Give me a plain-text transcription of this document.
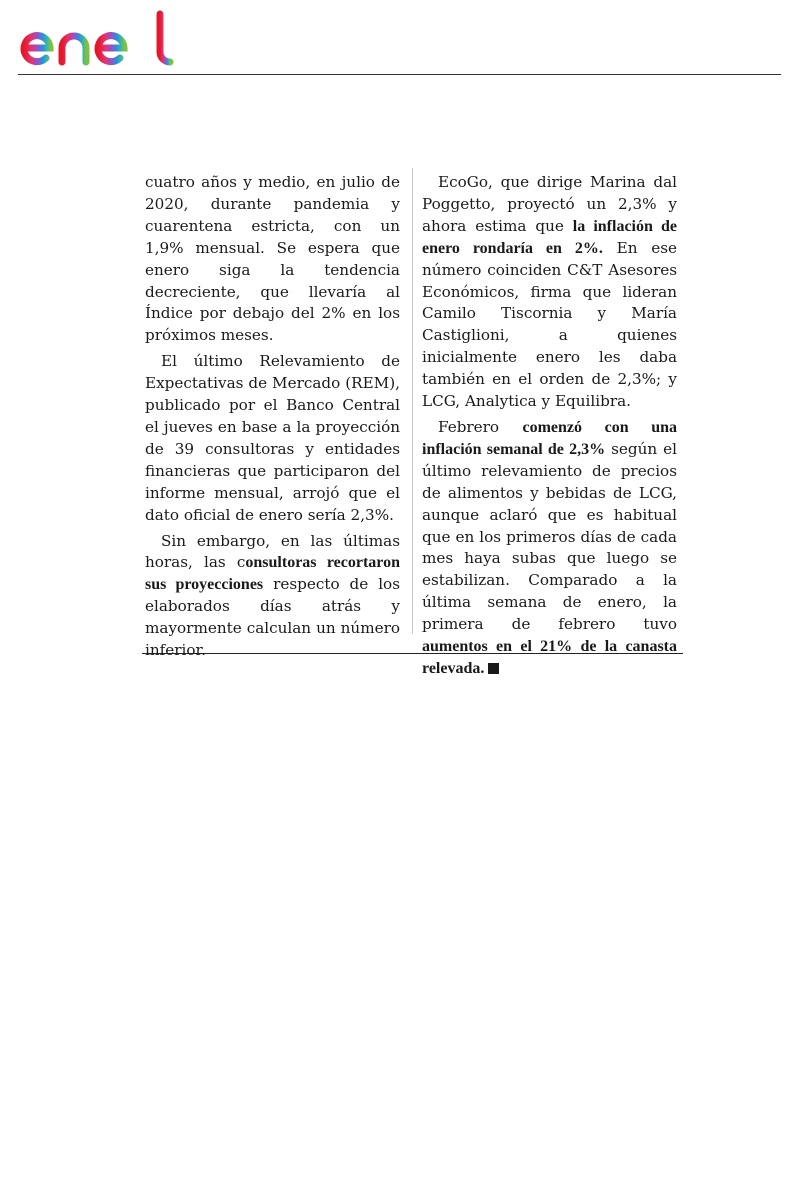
cuatro años y medio, en julio de 2020, durante pandemia y cuarentena estricta, con un 1,9% mensual. Se espera que enero siga la tendencia decreciente, que llevaría al Índice por debajo del 2% en los próximos meses.

El último Relevamiento de Expectativas de Mercado (REM), publicado por el Banco Central el jueves en base a la proyección de 39 consultoras y entidades financieras que participaron del informe mensual, arrojó que el dato oficial de enero sería 2,3%.

Sin embargo, en las últimas horas, las consultoras recortaron sus proyecciones respecto de los elaborados días atrás y mayormente calculan un número inferior.

EcoGo, que dirige Marina dal Poggetto, proyectó un 2,3% y ahora estima que la inflación de enero rondaría en 2%. En ese número coinciden C&T Asesores Económicos, firma que lideran Camilo Tiscornia y María Castiglioni, a quienes inicialmente enero les daba también en el orden de 2,3%; y LCG, Analytica y Equilibra.

Febrero comenzó con una inflación semanal de 2,3% según el último relevamiento de precios de alimentos y bebidas de LCG, aunque aclaró que es habitual que en los primeros días de cada mes haya subas que luego se estabilizan. Comparado a la última semana de enero, la primera de febrero tuvo aumentos en el 21% de la canasta relevada.
